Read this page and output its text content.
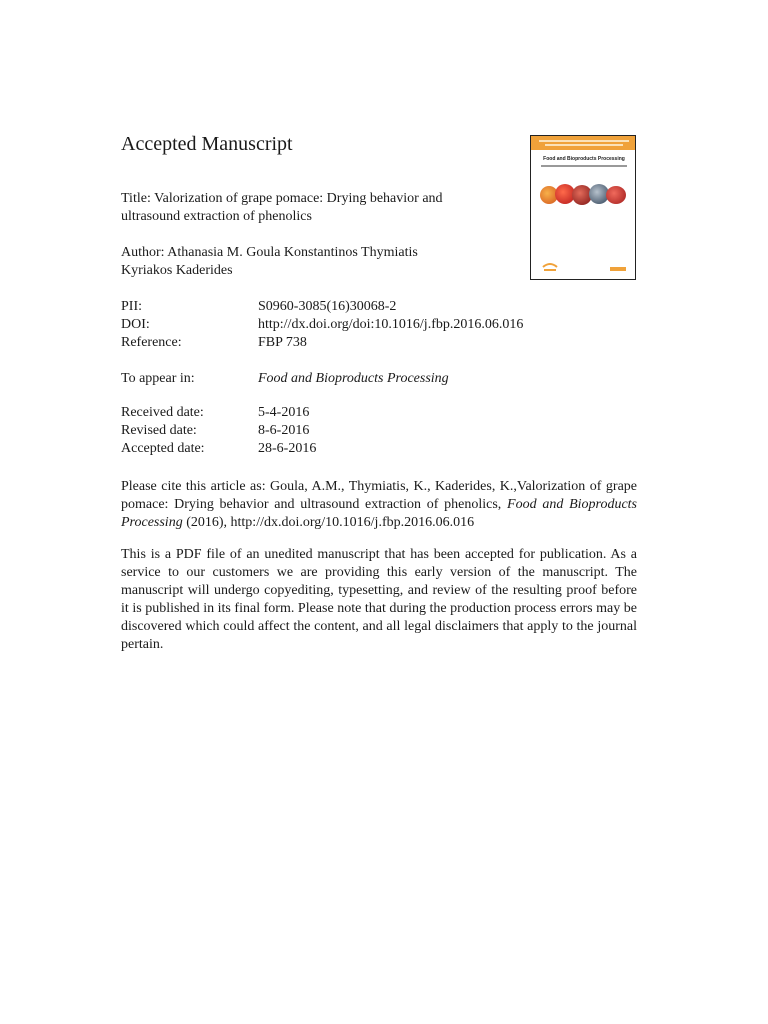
Accepted Manuscript
Food and Bioproducts Processing
Title: Valorization of grape pomace: Drying behavior and
ultrasound extraction of phenolics
Author: Athanasia M. Goula Konstantinos Thymiatis
Kyriakos Kaderides
PII:	S0960-3085(16)30068-2
DOI:	http://dx.doi.org/doi:10.1016/j.fbp.2016.06.016
Reference:	FBP 738
To appear in:	Food and Bioproducts Processing
Received date:	5-4-2016
Revised date:	8-6-2016
Accepted date:	28-6-2016

Please cite this article as: Goula, A.M., Thymiatis, K., Kaderides, K.,Valorization of grape pomace: Drying behavior and ultrasound extraction of phenolics, Food and Bioproducts Processing (2016), http://dx.doi.org/10.1016/j.fbp.2016.06.016

This is a PDF file of an unedited manuscript that has been accepted for publication. As a service to our customers we are providing this early version of the manuscript. The manuscript will undergo copyediting, typesetting, and review of the resulting proof before it is published in its final form. Please note that during the production process errors may be discovered which could affect the content, and all legal disclaimers that apply to the journal pertain.
